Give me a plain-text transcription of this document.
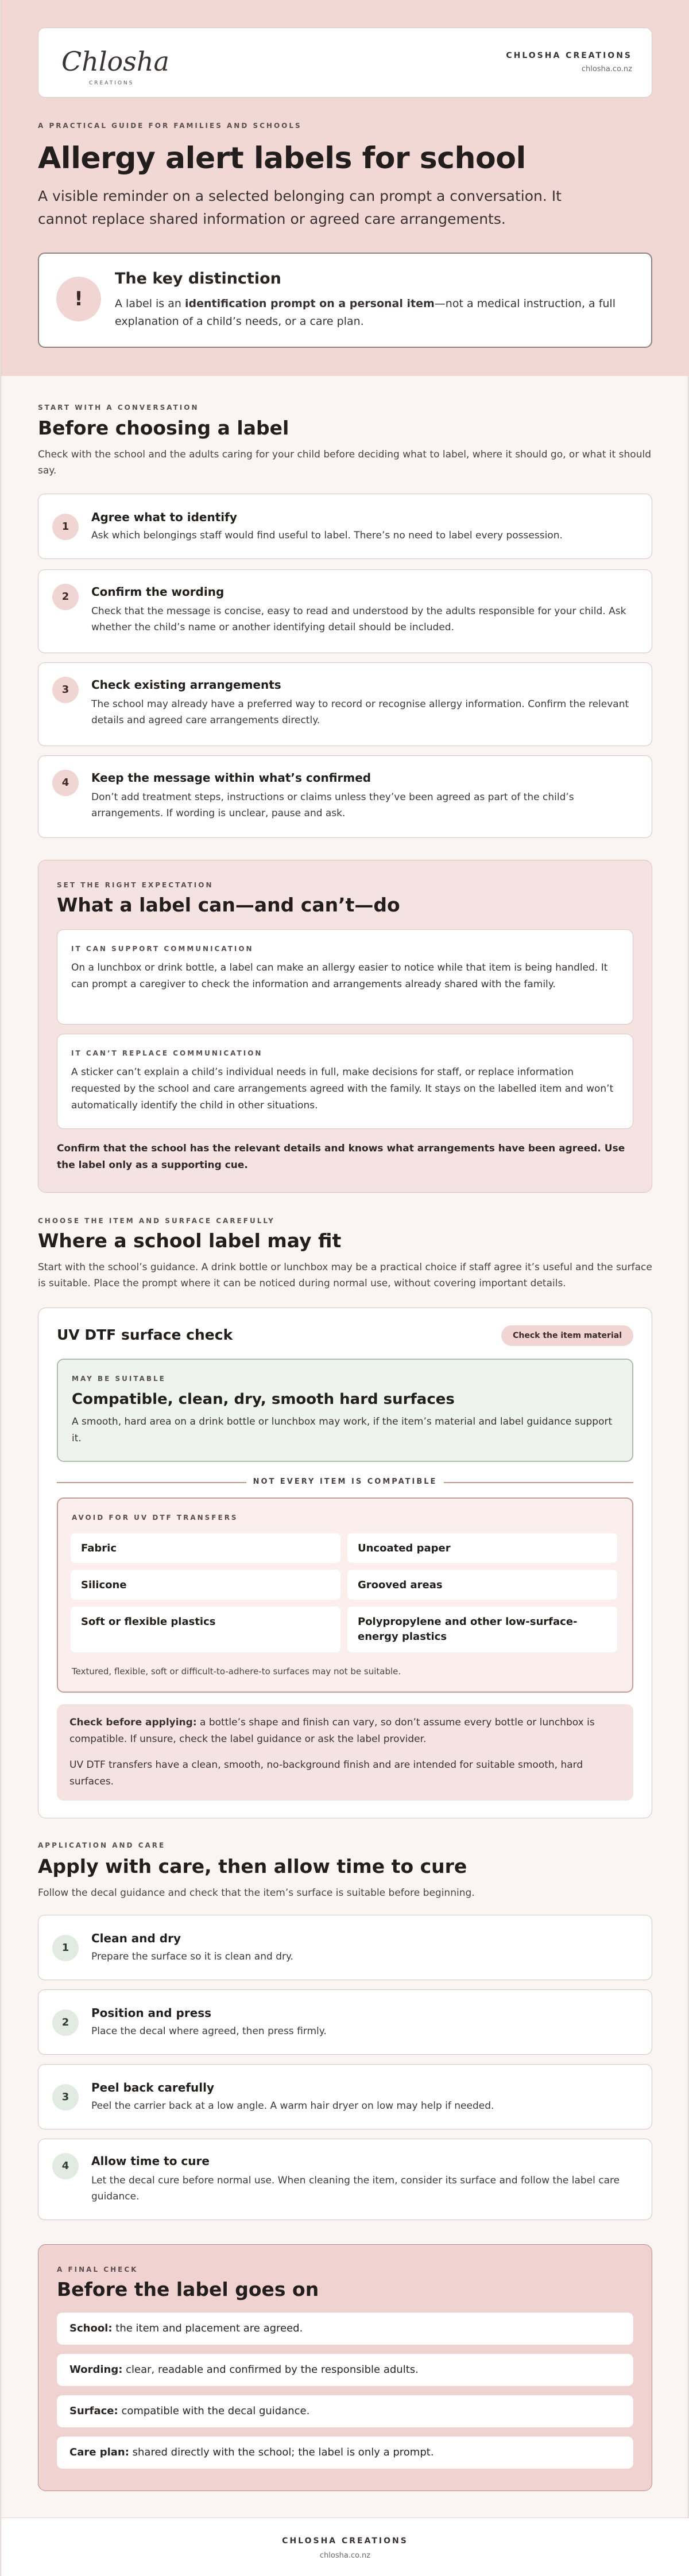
Chlosha
CREATIONS
CHLOSHA CREATIONS
chlosha.co.nz
A PRACTICAL GUIDE FOR FAMILIES AND SCHOOLS
Allergy alert labels for school
A visible reminder on a selected belonging can prompt a conversation. It cannot replace shared information or agreed care arrangements.
!
The key distinction

A label is an identification prompt on a personal item—not a medical instruction, a full explanation of a child’s needs, or a care plan.

START WITH A CONVERSATION
Before choosing a label
Check with the school and the adults caring for your child before deciding what to label, where it should go, or what it should say.
1
Agree what to identify
Ask which belongings staff would find useful to label. There’s no need to label every possession.
2	Confirm the wording
Check that the message is concise, easy to read and understood by the adults responsible for your child. Ask whether the child’s name or another identifying detail should be included.
3	Check existing arrangements
The school may already have a preferred way to record or recognise allergy information. Confirm the relevant details and agreed care arrangements directly.
4	Keep the message within what’s confirmed
Don’t add treatment steps, instructions or claims unless they’ve been agreed as part of the child’s arrangements. If wording is unclear, pause and ask.
SET THE RIGHT EXPECTATION
What a label can—and can’t—do
IT CAN SUPPORT COMMUNICATION

On a lunchbox or drink bottle, a label can make an allergy easier to notice while that item is being handled. It can prompt a caregiver to check the information and arrangements already shared with the family.

IT CAN’T REPLACE COMMUNICATION

A sticker can’t explain a child’s individual needs in full, make decisions for staff, or replace information requested by the school and care arrangements agreed with the family. It stays on the labelled item and won’t automatically identify the child in other situations.

Confirm that the school has the relevant details and knows what arrangements have been agreed. Use the label only as a supporting cue.
CHOOSE THE ITEM AND SURFACE CAREFULLY
Where a school label may fit
Start with the school’s guidance. A drink bottle or lunchbox may be a practical choice if staff agree it’s useful and the surface is suitable. Place the prompt where it can be noticed during normal use, without covering important details.
UV DTF surface check	Check the item material
MAY BE SUITABLE
Compatible, clean, dry, smooth hard surfaces
A smooth, hard area on a drink bottle or lunchbox may work, if the item’s material and label guidance support it.
NOT EVERY ITEM IS COMPATIBLE
AVOID FOR UV DTF TRANSFERS
Fabric	Uncoated paper
Silicone	Grooved areas
Soft or flexible plastics	Polypropylene and other low-surface-energy plastics
Textured, flexible, soft or difficult-to-adhere-to surfaces may not be suitable.
Check before applying: a bottle’s shape and finish can vary, so don’t assume every bottle or lunchbox is compatible. If unsure, check the label guidance or ask the label provider.
UV DTF transfers have a clean, smooth, no-background finish and are intended for suitable smooth, hard surfaces.
APPLICATION AND CARE
Apply with care, then allow time to cure
Follow the decal guidance and check that the item’s surface is suitable before beginning.
1
Clean and dry
Prepare the surface so it is clean and dry.
2
Position and press
Place the decal where agreed, then press firmly.
3
Peel back carefully
Peel the carrier back at a low angle. A warm hair dryer on low may help if needed.
4	Allow time to cure
Let the decal cure before normal use. When cleaning the item, consider its surface and follow the label care guidance.
A FINAL CHECK
Before the label goes on
School: the item and placement are agreed.
Wording: clear, readable and confirmed by the responsible adults.
Surface: compatible with the decal guidance.
Care plan: shared directly with the school; the label is only a prompt.
CHLOSHA CREATIONS
chlosha.co.nz
